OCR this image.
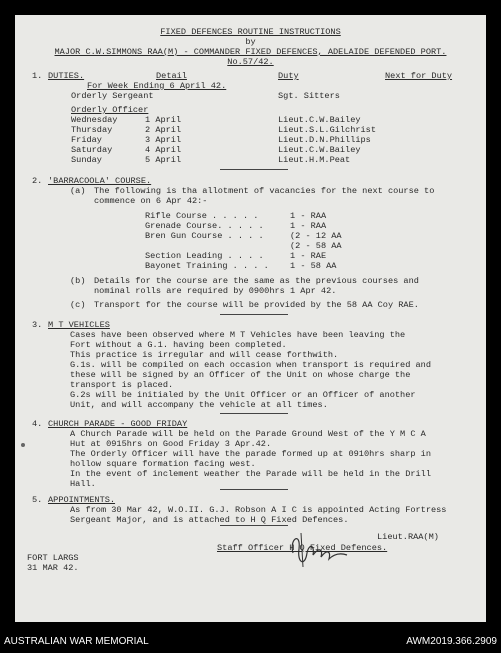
FIXED DEFENCES ROUTINE INSTRUCTIONS
by
MAJOR C.W.SIMMONS RAA(M) - COMMANDER FIXED DEFENCES, ADELAIDE DEFENDED PORT.
No.57/42.
1. DUTIES.	Detail	Duty	Next for Duty
For Week Ending 6 April 42.
Orderly Sergeant	Sgt. Sitters
Orderly Officer
Wednesday	1 April	Lieut.C.W.Bailey
Thursday	2 April	Lieut.S.L.Gilchrist
Friday	3 April	Lieut.D.N.Phillips
Saturday	4 April	Lieut.C.W.Bailey
Sunday	5 April	Lieut.H.M.Peat
2. 'BARRACOOLA' COURSE.
(a) The following is tha allotment of vacancies for the next course to
commence on 6 Apr 42:-
Rifle Course . . . . .	1 - RAA
Grenade Course. . . . .	1 - RAA
Bren Gun Course . . . .	(2 - 12 AA
(2 - 58 AA
Section Leading . . . .	1 - RAE
Bayonet Training . . . . 1 - 58 AA
(b) Details for the course are the same as the previous courses and
nominal rolls are required by 0900hrs 1 Apr 42.
(c) Transport for the course will be provided by the 58 AA Coy RAE.
3. M T VEHICLES
Cases have been observed where M T Vehicles have been leaving the
Fort without a G.1. having been completed.
This practice is irregular and will cease forthwith.
G.1s. will be compiled on each occasion when transport is required and
these will be signed by an Officer of the Unit on whose charge the
transport is placed.
G.2s will be initialed by the Unit Officer or an Officer of another
Unit, and will accompany the vehicle at all times.
4. CHURCH PARADE - GOOD FRIDAY
A Church Parade will be held on the Parade Ground West of the Y M C A
Hut at 0915hrs on Good Friday 3 Apr.42.
The Orderly Officer will have the parade formed up at 0910hrs sharp in
hollow square formation facing west.
In the event of inclement weather the Parade will be held in the Drill
Hall.
5. APPOINTMENTS.
As from 30 Mar 42, W.O.II. G.J. Robson A I C is appointed Acting Fortress
Sergeant Major, and is attached to H Q Fixed Defences.
Lieut.RAA(M)
Staff Officer H Q Fixed Defences.
FORT LARGS
31 MAR 42.
AUSTRALIAN WAR MEMORIAL	AWM2019.366.2909
